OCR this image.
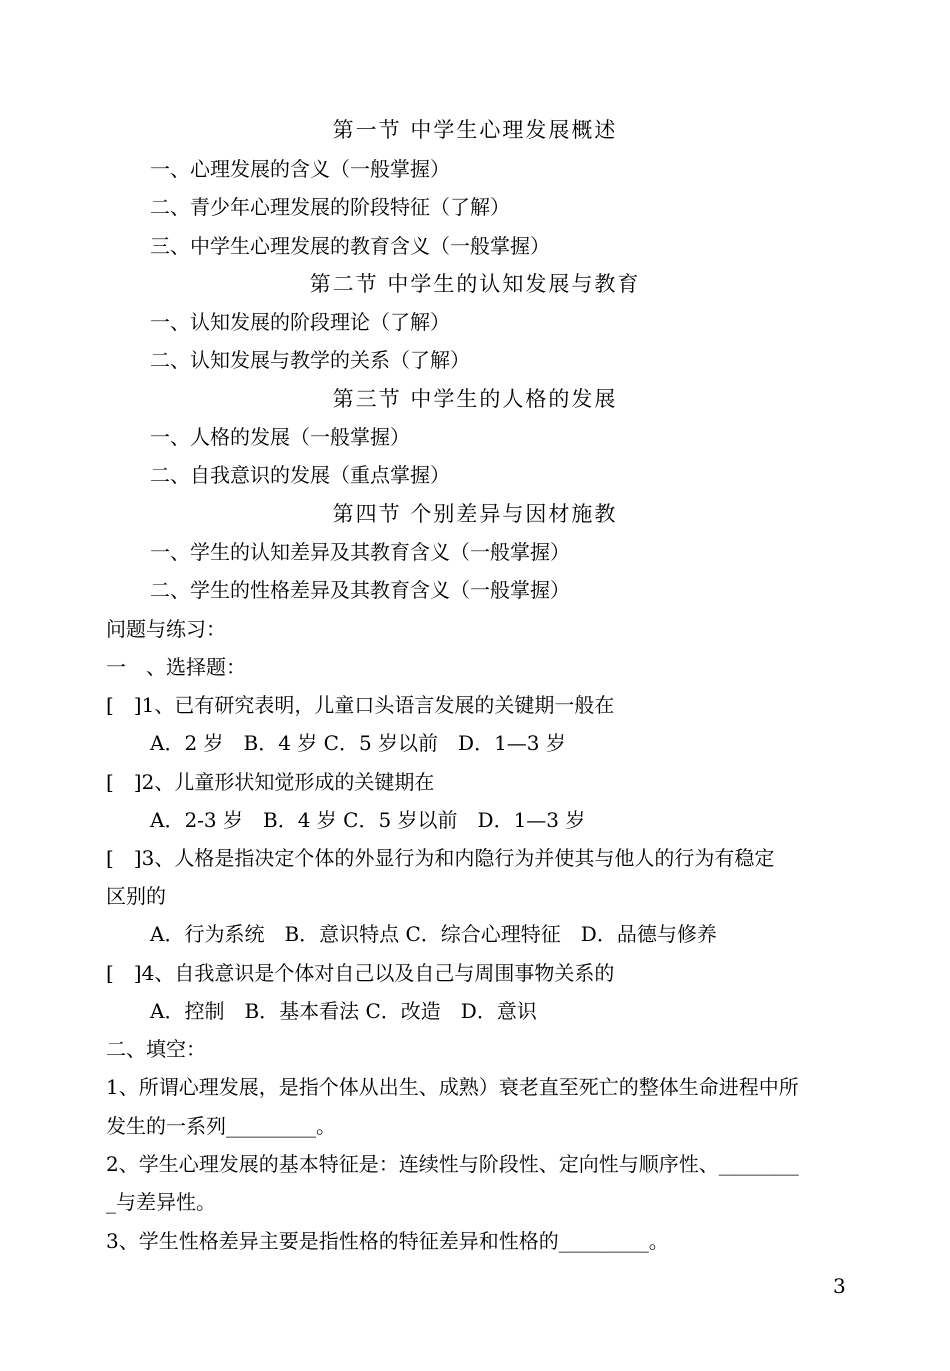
第一节 中学生心理发展概述
一、心理发展的含义（一般掌握）
二、青少年心理发展的阶段特征（了解）
三、中学生心理发展的教育含义（一般掌握）
第二节 中学生的认知发展与教育
一、认知发展的阶段理论（了解）
二、认知发展与教学的关系（了解）
第三节 中学生的人格的发展
一、人格的发展（一般掌握）
二、自我意识的发展（重点掌握）
第四节 个别差异与因材施教
一、学生的认知差异及其教育含义（一般掌握）
二、学生的性格差异及其教育含义（一般掌握）
问题与练习：
一　、选择题：
[　]1、已有研究表明，儿童口头语言发展的关键期一般在
A．2 岁　B．4 岁 C．5 岁以前　D．1—3 岁
[　]2、儿童形状知觉形成的关键期在
A．2-3 岁　B．4 岁 C．5 岁以前　D．1—3 岁
[　]3、人格是指决定个体的外显行为和内隐行为并使其与他人的行为有稳定
区别的
A．行为系统　B．意识特点 C．综合心理特征　D．品德与修养
[　]4、自我意识是个体对自己以及自己与周围事物关系的
A．控制　B．基本看法 C．改造　D．意识
二、填空：
1、所谓心理发展，是指个体从出生、成熟）衰老直至死亡的整体生命进程中所
发生的一系列_________。
2、学生心理发展的基本特征是：连续性与阶段性、定向性与顺序性、________
_与差异性。
3、学生性格差异主要是指性格的特征差异和性格的_________。
3
